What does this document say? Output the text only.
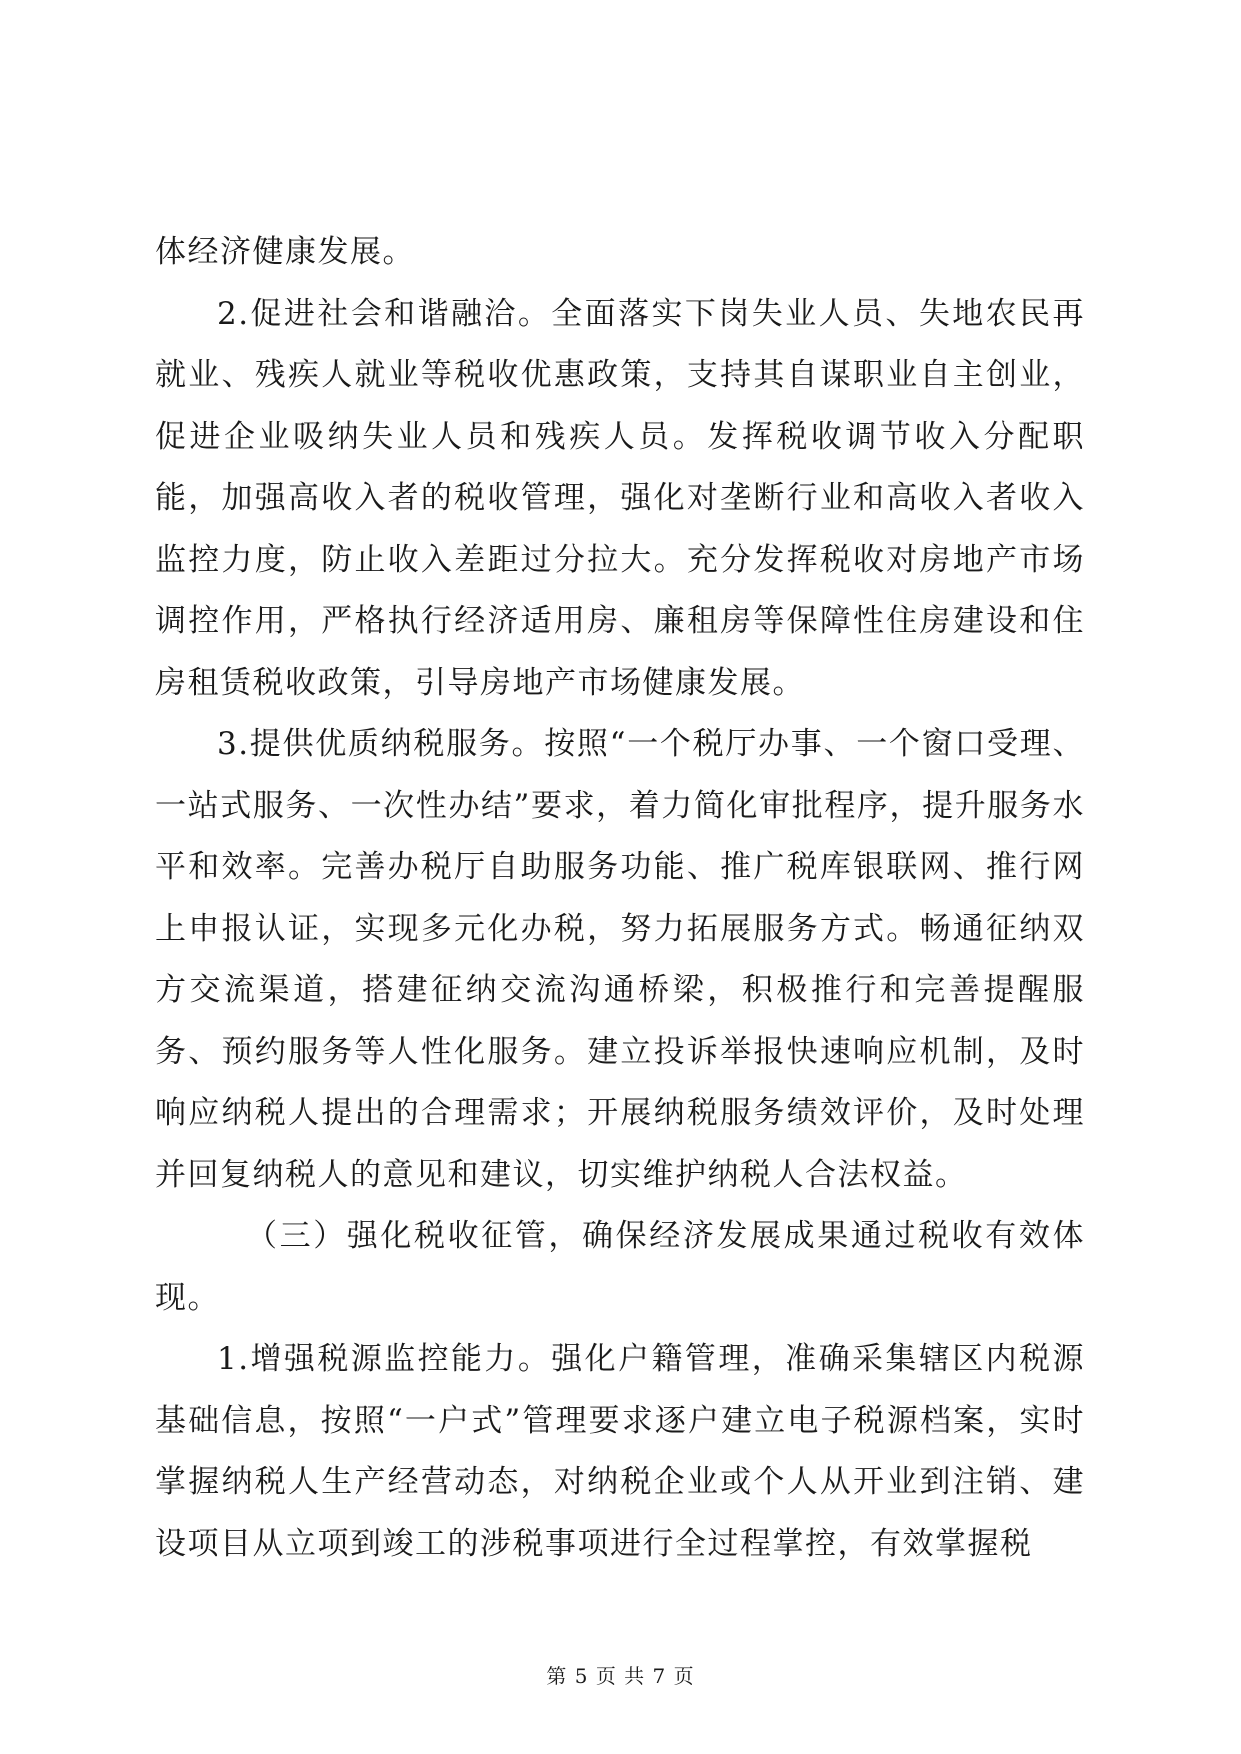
体经济健康发展。

2.促进社会和谐融洽。全面落实下岗失业人员、失地农民再就业、残疾人就业等税收优惠政策，支持其自谋职业自主创业，促进企业吸纳失业人员和残疾人员。发挥税收调节收入分配职能，加强高收入者的税收管理，强化对垄断行业和高收入者收入监控力度，防止收入差距过分拉大。充分发挥税收对房地产市场调控作用，严格执行经济适用房、廉租房等保障性住房建设和住房租赁税收政策，引导房地产市场健康发展。

3.提供优质纳税服务。按照“一个税厅办事、一个窗口受理、一站式服务、一次性办结”要求，着力简化审批程序，提升服务水平和效率。完善办税厅自助服务功能、推广税库银联网、推行网上申报认证，实现多元化办税，努力拓展服务方式。畅通征纳双方交流渠道，搭建征纳交流沟通桥梁，积极推行和完善提醒服务、预约服务等人性化服务。建立投诉举报快速响应机制，及时响应纳税人提出的合理需求；开展纳税服务绩效评价，及时处理并回复纳税人的意见和建议，切实维护纳税人合法权益。

（三）强化税收征管，确保经济发展成果通过税收有效体现。

1.增强税源监控能力。强化户籍管理，准确采集辖区内税源基础信息，按照“一户式”管理要求逐户建立电子税源档案，实时掌握纳税人生产经营动态，对纳税企业或个人从开业到注销、建设项目从立项到竣工的涉税事项进行全过程掌控，有效掌握税

第 5 页 共 7 页
